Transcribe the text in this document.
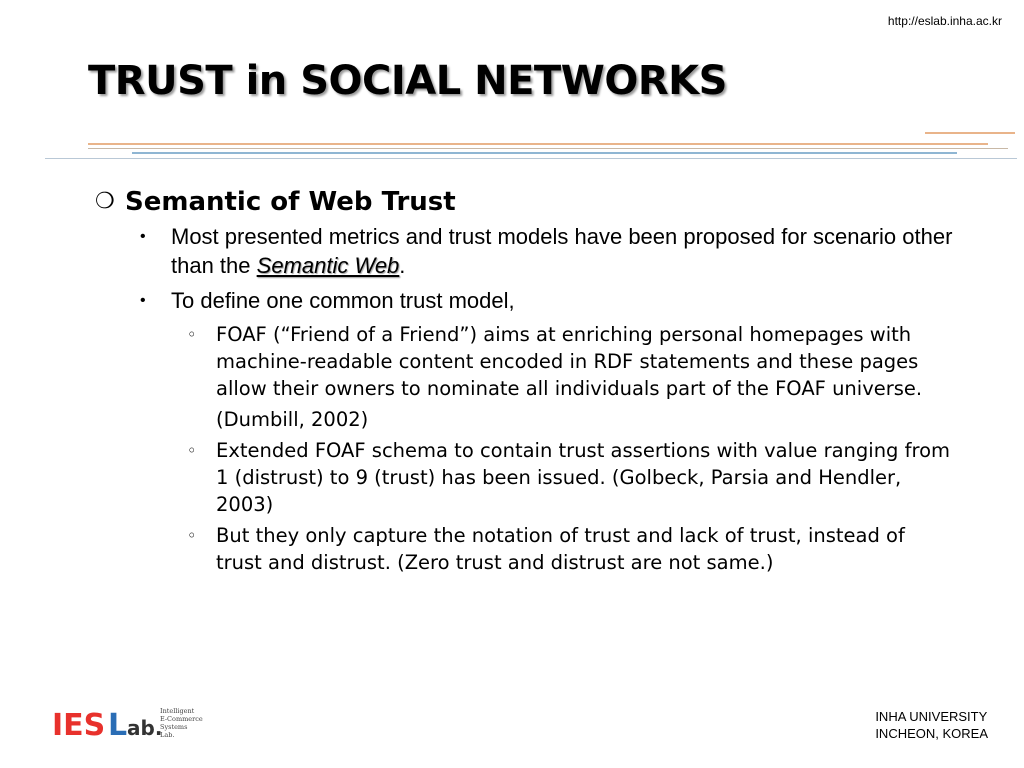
http://eslab.inha.ac.kr
TRUST in SOCIAL NETWORKS
❍ Semantic of Web Trust
• Most presented metrics and trust models have been proposed for scenario other than the Semantic Web.
• To define one common trust model,
◦ FOAF (“Friend of a Friend”) aims at enriching personal homepages with machine-readable content encoded in RDF statements and these pages allow their owners to nominate all individuals part of the FOAF universe.
(Dumbill, 2002)
◦ Extended FOAF schema to contain trust assertions with value ranging from 1 (distrust) to 9 (trust) has been issued. (Golbeck, Parsia and Hendler, 2003)
◦ But they only capture the notation of trust and lack of trust, instead of trust and distrust. (Zero trust and distrust are not same.)
IES L ab.
Intelligent
E-Commerce
Systems
Lab.
INHA UNIVERSITY
INCHEON, KOREA
